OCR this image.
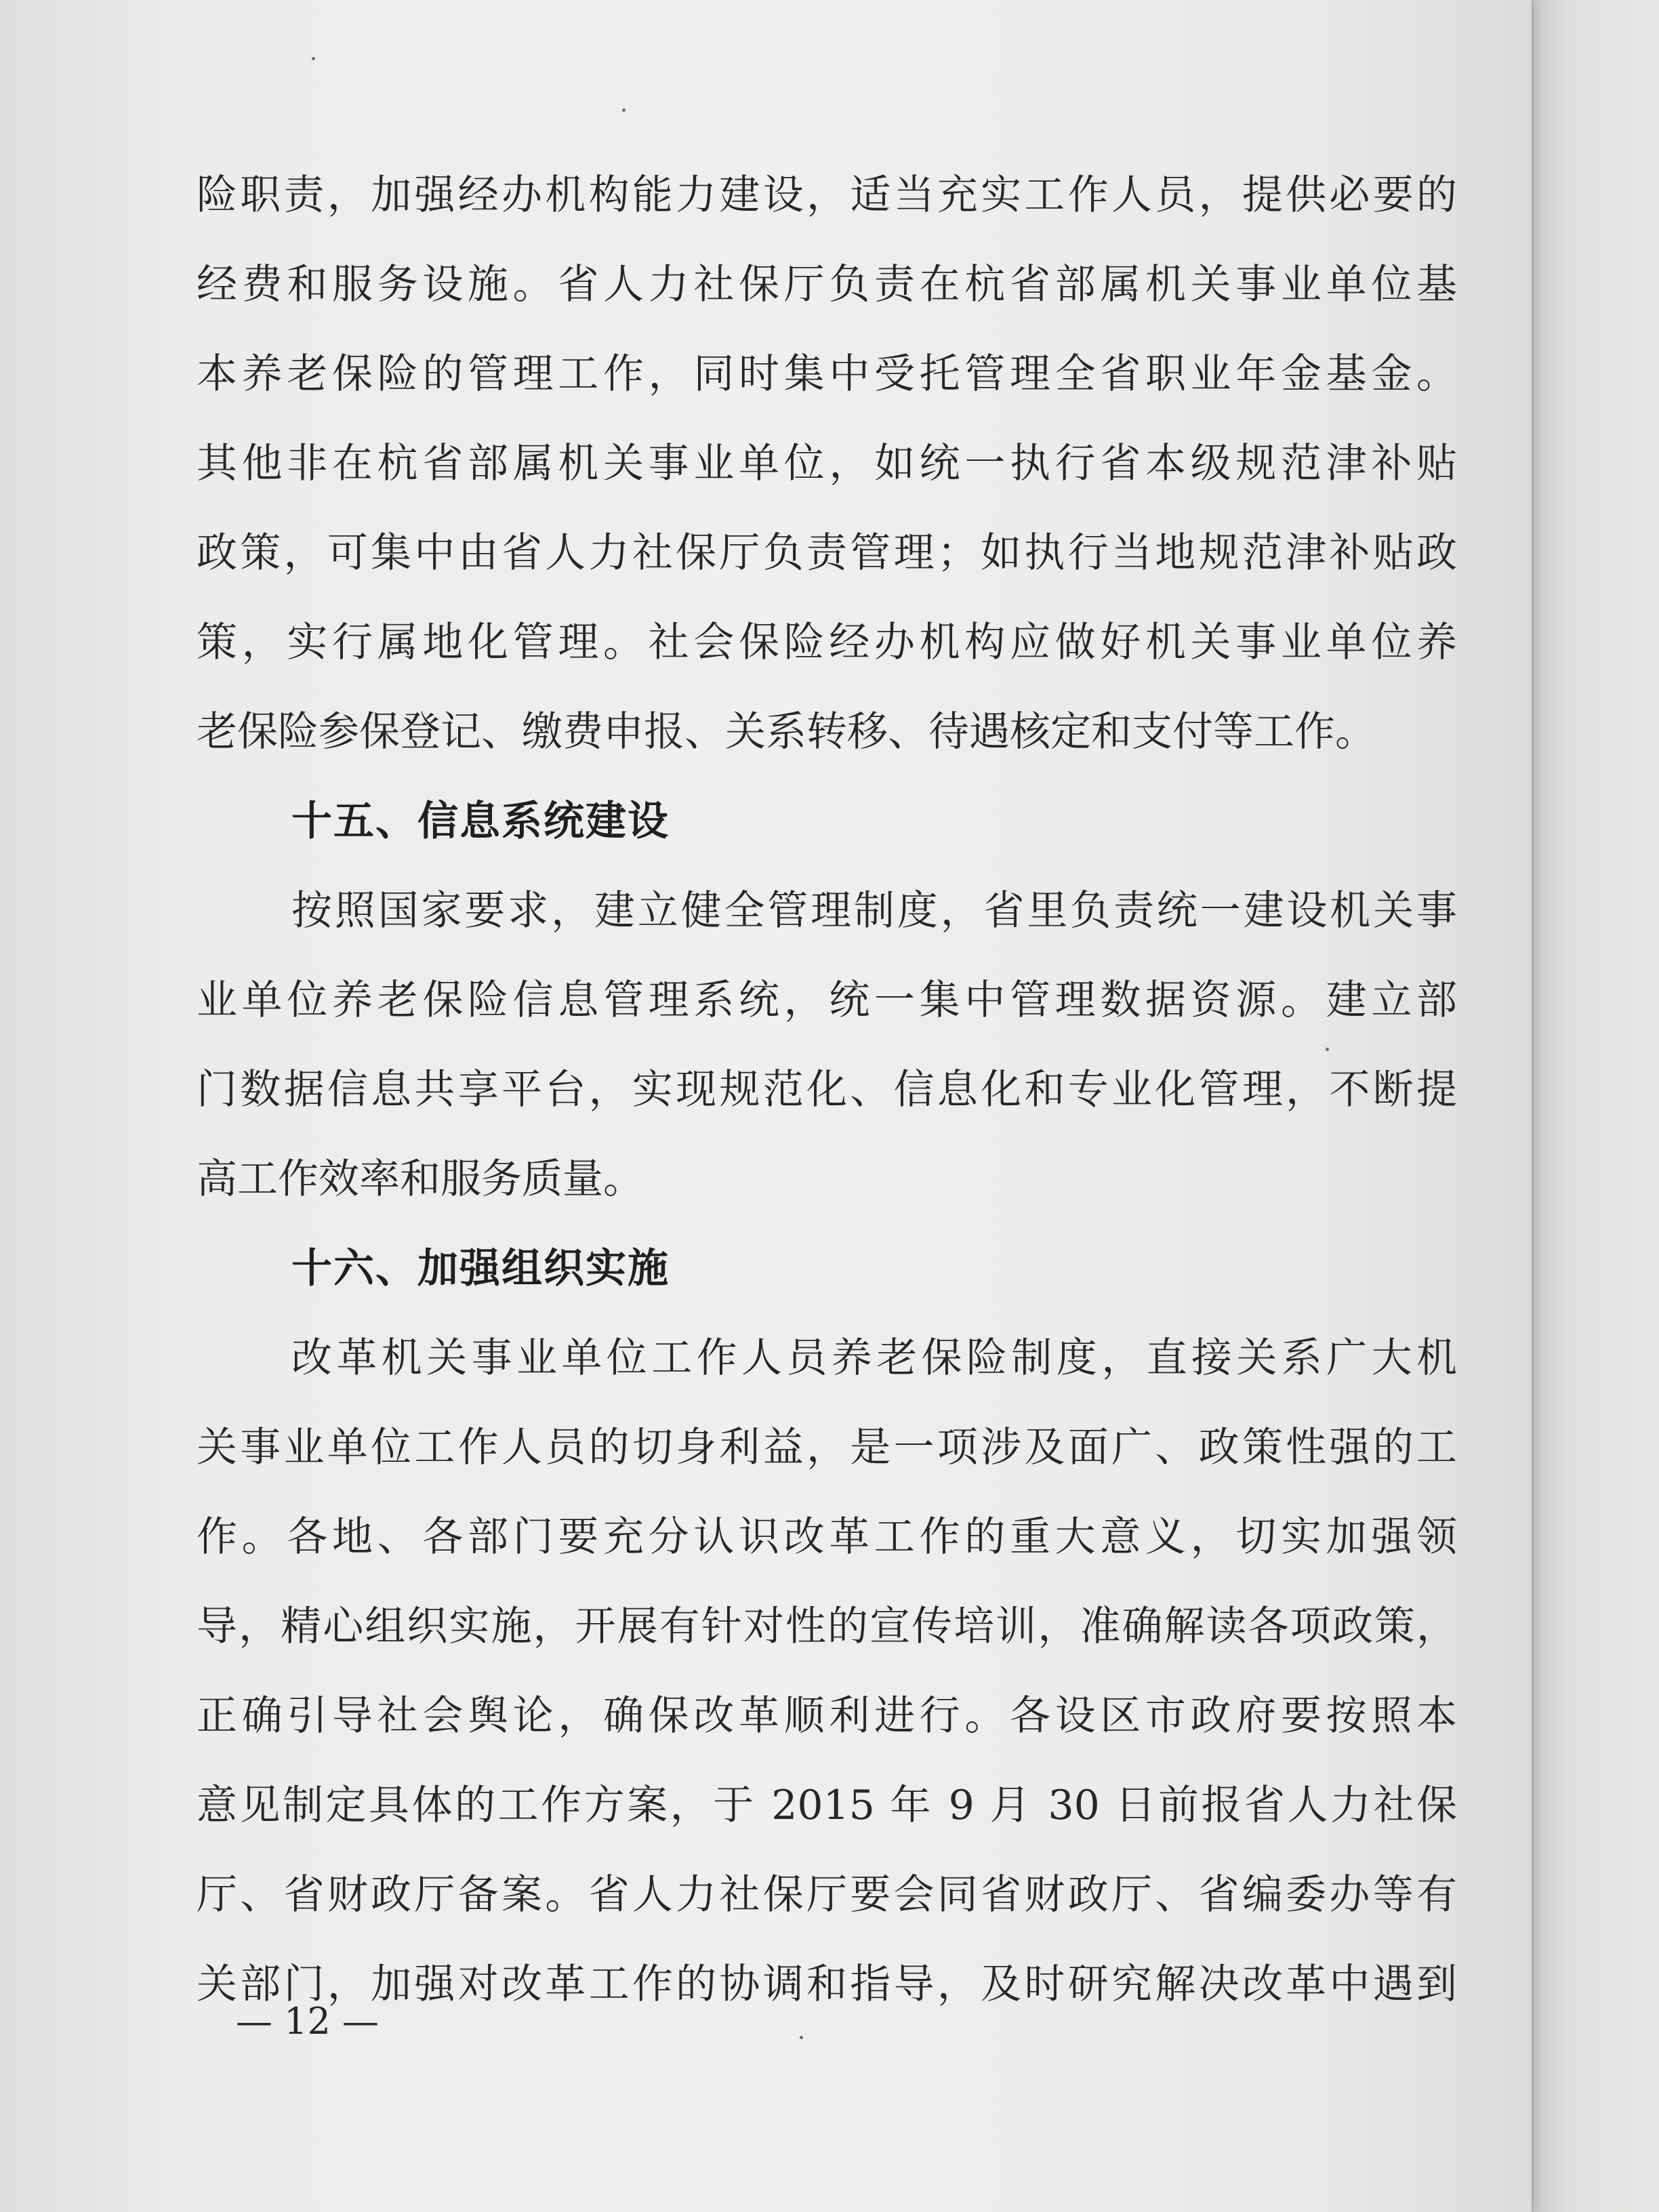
险职责，加强经办机构能力建设，适当充实工作人员，提供必要的
经费和服务设施。省人力社保厅负责在杭省部属机关事业单位基
本养老保险的管理工作，同时集中受托管理全省职业年金基金。
其他非在杭省部属机关事业单位，如统一执行省本级规范津补贴
政策，可集中由省人力社保厅负责管理；如执行当地规范津补贴政
策，实行属地化管理。社会保险经办机构应做好机关事业单位养
老保险参保登记、缴费申报、关系转移、待遇核定和支付等工作。
十五、信息系统建设
按照国家要求，建立健全管理制度，省里负责统一建设机关事
业单位养老保险信息管理系统，统一集中管理数据资源。建立部
门数据信息共享平台，实现规范化、信息化和专业化管理，不断提
高工作效率和服务质量。
十六、加强组织实施
改革机关事业单位工作人员养老保险制度，直接关系广大机
关事业单位工作人员的切身利益，是一项涉及面广、政策性强的工
作。各地、各部门要充分认识改革工作的重大意义，切实加强领
导，精心组织实施，开展有针对性的宣传培训，准确解读各项政策，
正确引导社会舆论，确保改革顺利进行。各设区市政府要按照本
意见制定具体的工作方案，于 2015 年 9 月 30 日前报省人力社保
厅、省财政厅备案。省人力社保厅要会同省财政厅、省编委办等有
关部门，加强对改革工作的协调和指导，及时研究解决改革中遇到
— 12 —
